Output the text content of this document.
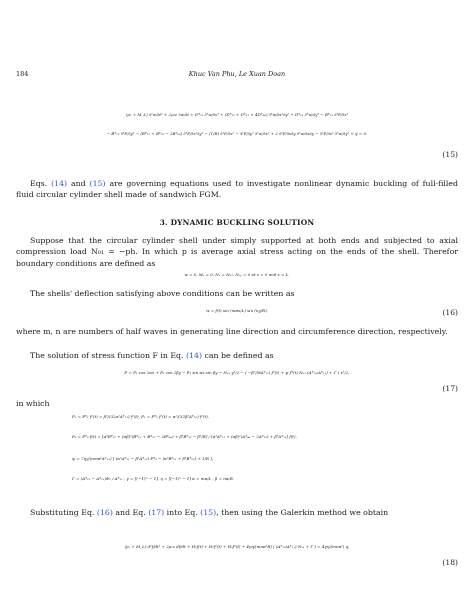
184	Khuc Van Phu, Le Xuan Doan
(ρ₁ + M_L) ∂²w/∂t² + 2ρ₁ε ∂w/∂t + D*₁₁ ∂⁴w/∂x⁴ + (D*₁₂ + D*₂₁ + 4D*₆₆) ∂⁴w/∂x²∂y² + D*₂₂ ∂⁴w/∂y⁴ − B*₂₁ ∂⁴F/∂x⁴
− B*₁₂ ∂⁴F/∂y⁴ − (B*₁₁ + B*₂₂ − 2B*₆₆) ∂⁴F/∂x²∂y² − (1/R) ∂²F/∂x² − ∂²F/∂y² ∂²w/∂x² + 2 ∂²F/∂x∂y ∂²w/∂x∂y − ∂²F/∂x² ∂²w/∂y² + q = 0.
(15)

Eqs. (14) and (15) are governing equations used to investigate nonlinear dynamic buckling of full-filled fluid circular cylinder shell made of sandwich FGM.

3. DYNAMIC BUCKLING SOLUTION

Suppose that the circular cylinder shell under simply supported at both ends and subjected to axial compression load N₀₁ = −ph. In which p is average axial stress acting on the ends of the shell. Therefor boundary conditions are defined as

w = 0, Mₓ = 0, Nₓ = N₀₁, Nₓᵧ = 0 at x = 0 and x = L.

The shells' deflection satisfying above conditions can be written as

w = f(t) sin (mπx/L) sin (ny/R),	(16)

where m, n are numbers of half waves in generating line direction and circumference direction, respectively.

The solution of stress function F in Eq. (14) can be defined as

F = F₁ cos 2αx + F₂ cos 2βy − F₃ sin αx sin βy − N₀₁ y²/2 − ( −β²/(8A*₁₁) f²(t) + ψ f*(t) N₀₁ (A*₁₂/A*₁₁) + Γ ) x²/2,
(17)

in which

F₁ = F*₁ f²(t) = β²/(32α²A*₁₁) f²(t), F₂ = F*₂ f²(t) = α²/(32β²A*₂₂) f²(t),
F₃ = F*₃ f(t) = [α⁴B*₂₁ + (αβ)²(B*₁₁ + B*₂₂ − 2B*₆₆) + β⁴B*₁₂ − β²/R] / [α⁴A*₁₁ + (αβ)²(A*₆₆ − 2A*₁₂) + β⁴A*₂₂] f(t),
ψ = 7ηγ/(mnπ²A*₁₁) [ (α²A*₁₁ − β²A*₁₂) F*₃ − (α²B*₂₁ + β²B*₂₂) + 1/R ],
Γ = (A*₁₁ − A*₁₂)Φ₂ / A*₁₁ , γ = [(−1)ᵐ − 1], η = [(−1)ⁿ − 1] α = mπ/L , β = nπ/R.

Substituting Eq. (16) and Eq. (17) into Eq. (15), then using the Galerkin method we obtain

(ρ₁ + M_L) d²f/dt² + 2ρ₁ε df/dt + H₁f(t) + H₂f²(t) + H₃f³(t) + 4γη/(mnπ²R) ( (A*₁₂/A*₁₁) N₀₁ + Γ ) = 4γη/(mnπ²) q,
(18)
